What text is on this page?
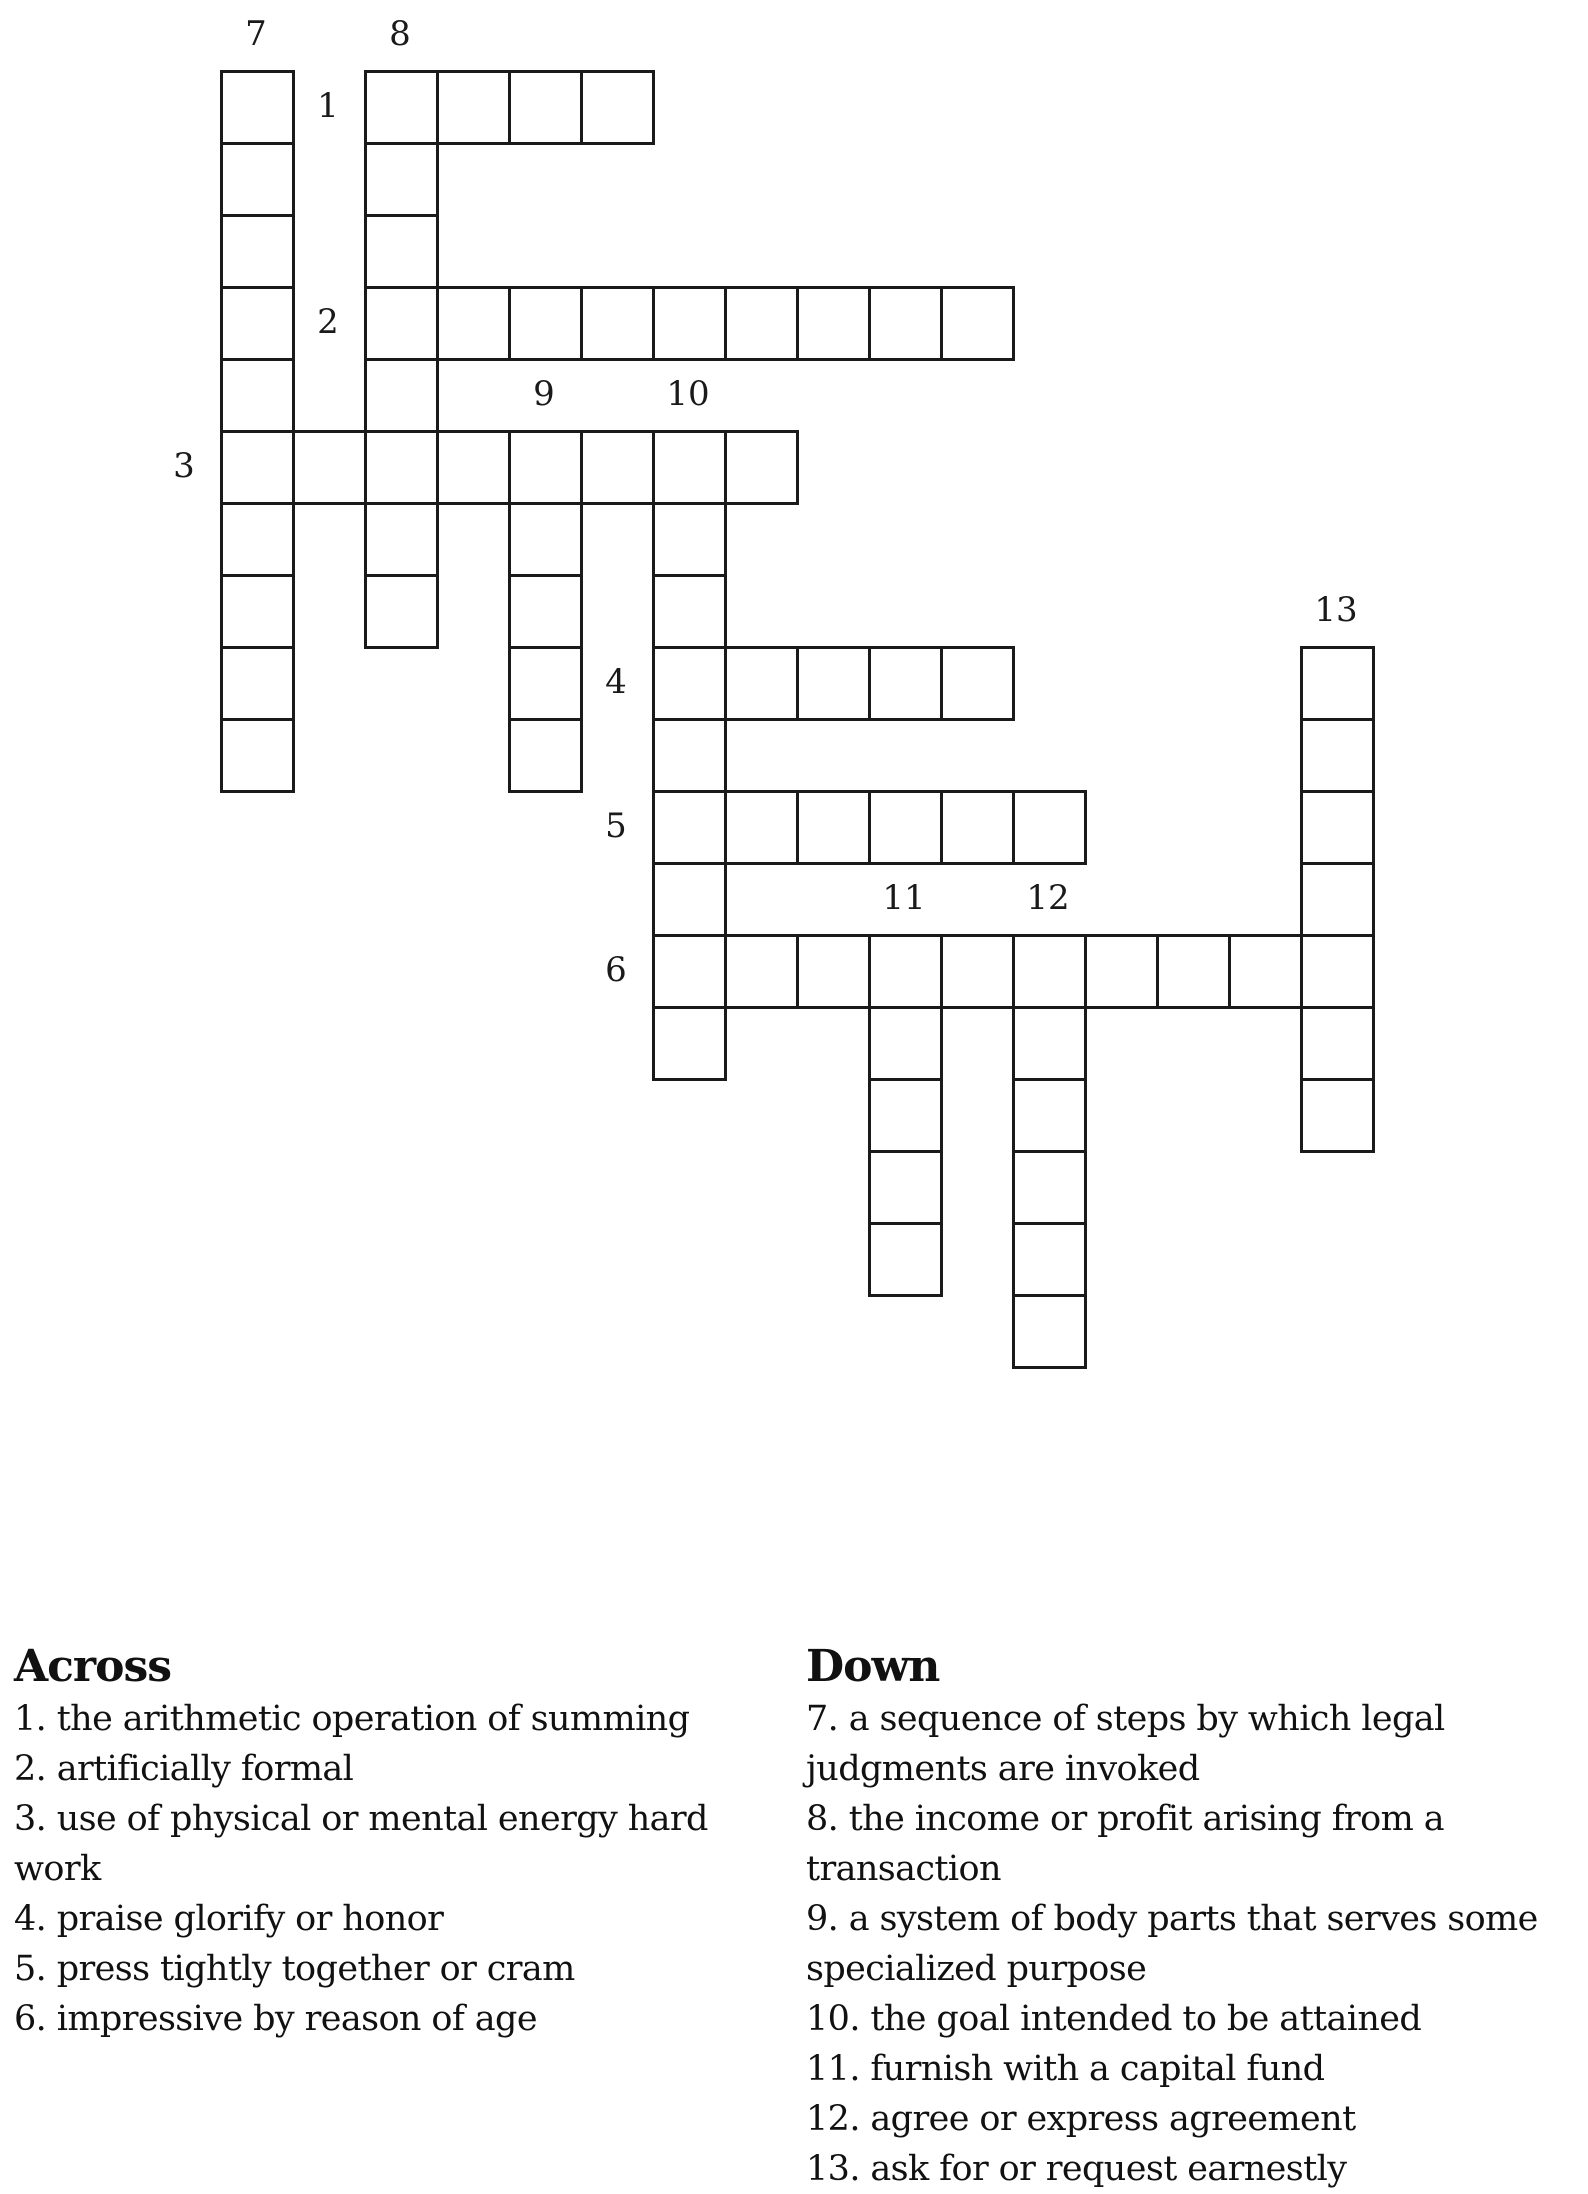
1
2
3
4
5
6
7	8
9	10
11	12
13
Across
1. the arithmetic operation of summing
2. artificially formal
3. use of physical or mental energy hard work
4. praise glorify or honor
5. press tightly together or cram
6. impressive by reason of age
Down
7. a sequence of steps by which legal judgments are invoked
8. the income or profit arising from a transaction
9. a system of body parts that serves some specialized purpose
10. the goal intended to be attained
11. furnish with a capital fund
12. agree or express agreement
13. ask for or request earnestly
